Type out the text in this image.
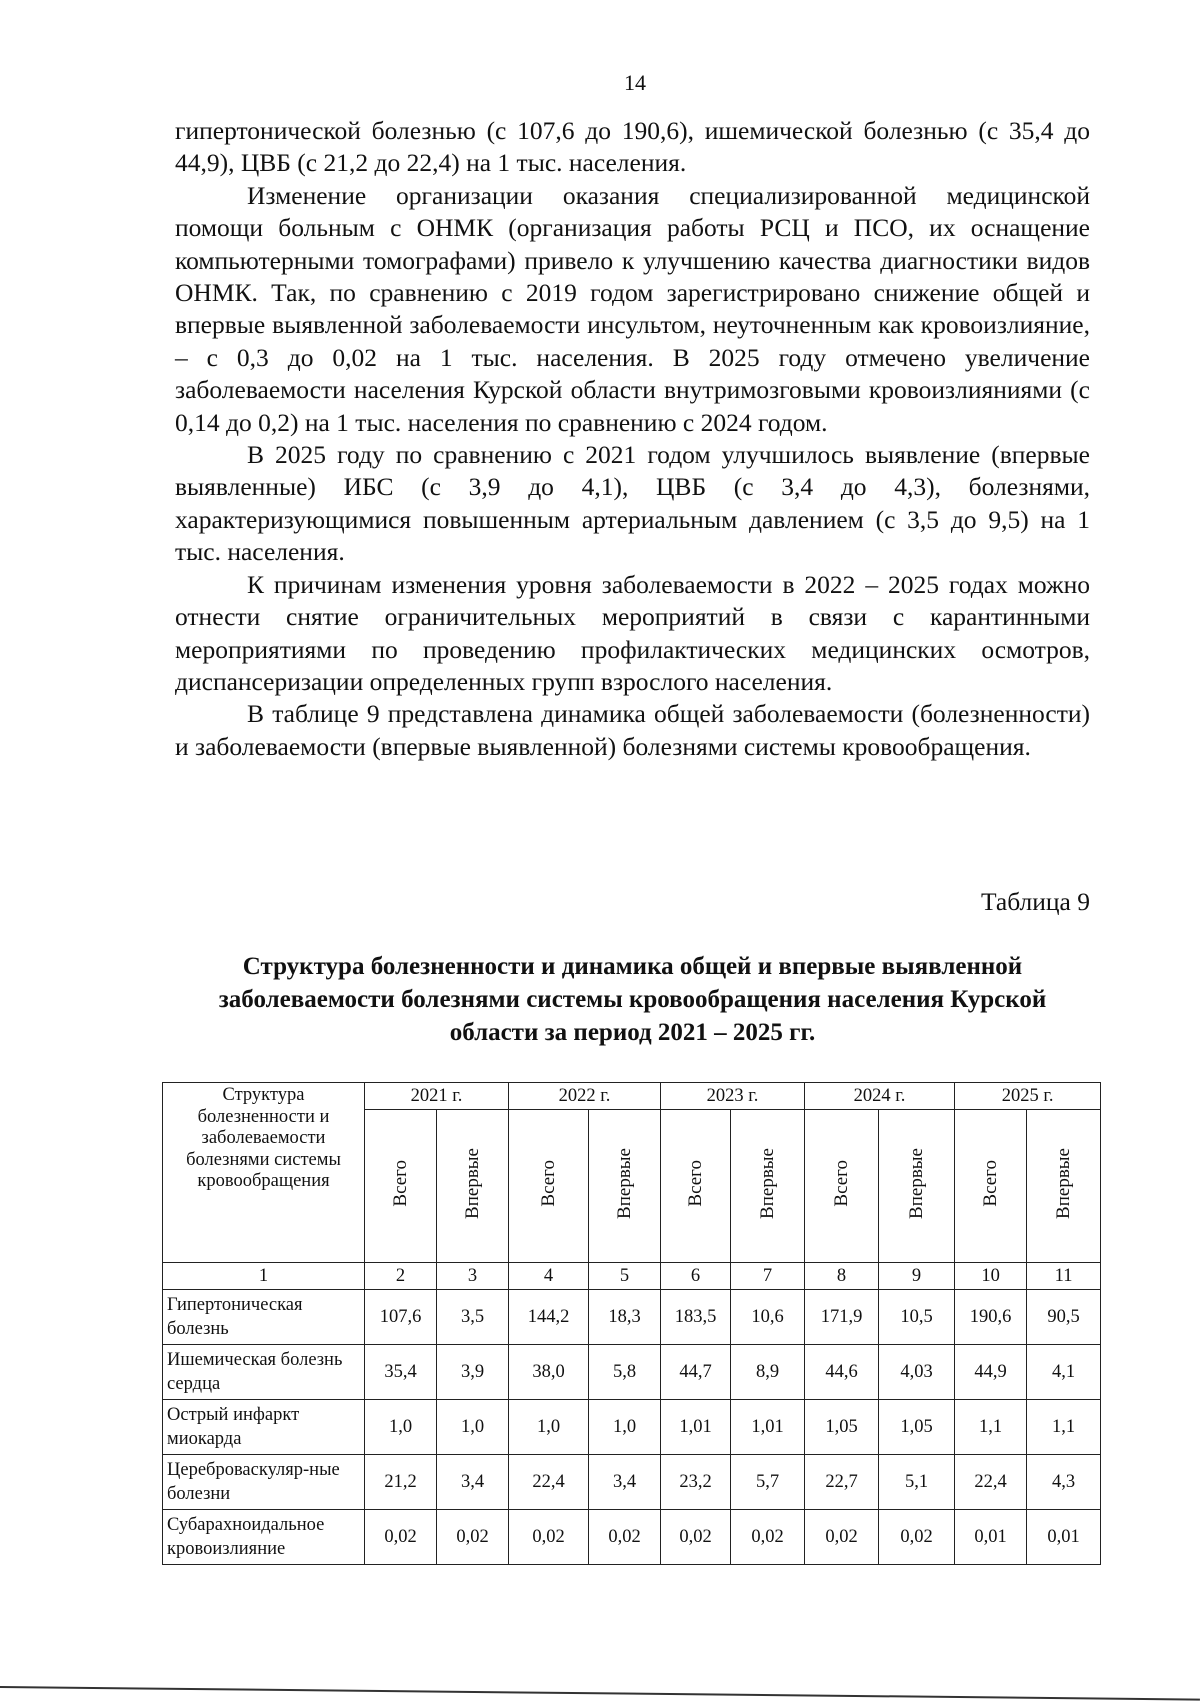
14

гипертонической болезнью (с 107,6 до 190,6), ишемической болезнью (с 35,4 до 44,9), ЦВБ (с 21,2 до 22,4) на 1 тыс. населения.

Изменение организации оказания специализированной медицинской помощи больным с ОНМК (организация работы РСЦ и ПСО, их оснащение компьютерными томографами) привело к улучшению качества диагностики видов ОНМК. Так, по сравнению с 2019 годом зарегистрировано снижение общей и впервые выявленной заболеваемости инсультом, неуточненным как кровоизлияние, – с 0,3 до 0,02 на 1 тыс. населения. В 2025 году отмечено увеличение заболеваемости населения Курской области внутримозговыми кровоизлияниями (с 0,14 до 0,2) на 1 тыс. населения по сравнению с 2024 годом.

В 2025 году по сравнению с 2021 годом улучшилось выявление (впервые выявленные) ИБС (с 3,9 до 4,1), ЦВБ (с 3,4 до 4,3), болезнями, характеризующимися повышенным артериальным давлением (с 3,5 до 9,5) на 1 тыс. населения.

К причинам изменения уровня заболеваемости в 2022 – 2025 годах можно отнести снятие ограничительных мероприятий в связи с карантинными мероприятиями по проведению профилактических медицинских осмотров, диспансеризации определенных групп взрослого населения.

В таблице 9 представлена динамика общей заболеваемости (болезненности) и заболеваемости (впервые выявленной) болезнями системы кровообращения.

Таблица 9
Структура болезненности и динамика общей и впервые выявленной заболеваемости болезнями системы кровообращения населения Курской области за период 2021 – 2025 гг.
Структура болезненности и заболеваемости болезнями системы кровообращения	2021 г.		2022 г.		2023 г.		2024 г.		2025 г.	
	Всего	Впервые	Всего	Впервые	Всего	Впервые	Всего	Впервые	Всего	Впервые
1	2	3	4	5	6	7	8	9	10	11
Гипертоническая болезнь	107,6	3,5	144,2	18,3	183,5	10,6	171,9	10,5	190,6	90,5
Ишемическая болезнь сердца	35,4	3,9	38,0	5,8	44,7	8,9	44,6	4,03	44,9	4,1
Острый инфаркт миокарда	1,0	1,0	1,0	1,0	1,01	1,01	1,05	1,05	1,1	1,1
Цереброваскуляр-ные болезни	21,2	3,4	22,4	3,4	23,2	5,7	22,7	5,1	22,4	4,3
Субарахноидальное кровоизлияние	0,02	0,02	0,02	0,02	0,02	0,02	0,02	0,02	0,01	0,01
